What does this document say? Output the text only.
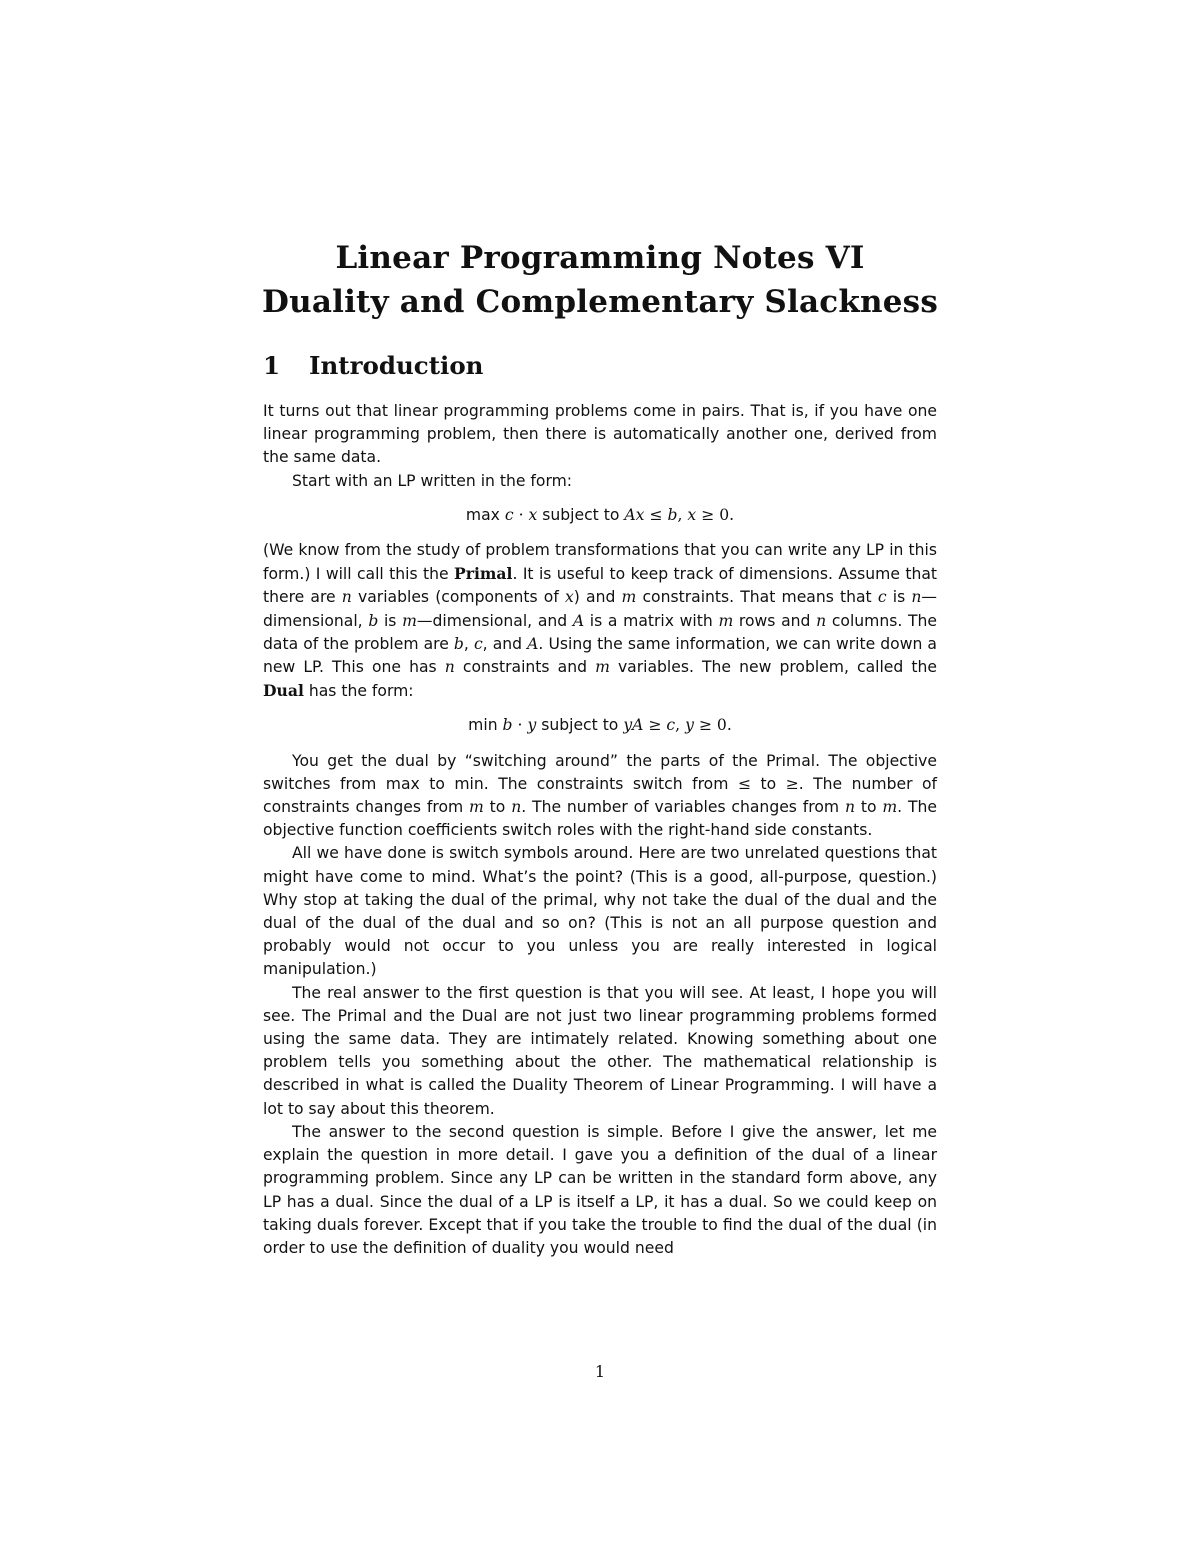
Linear Programming Notes VI
Duality and Complementary Slackness
1 Introduction

It turns out that linear programming problems come in pairs. That is, if you have one linear programming problem, then there is automatically another one, derived from the same data.

Start with an LP written in the form:

max c · x subject to Ax ≤ b, x ≥ 0.

(We know from the study of problem transformations that you can write any LP in this form.) I will call this the Primal. It is useful to keep track of dimensions. Assume that there are n variables (components of x) and m constraints. That means that c is n—dimensional, b is m—dimensional, and A is a matrix with m rows and n columns. The data of the problem are b, c, and A. Using the same information, we can write down a new LP. This one has n constraints and m variables. The new problem, called the Dual has the form:

min b · y subject to yA ≥ c, y ≥ 0.

You get the dual by “switching around” the parts of the Primal. The objective switches from max to min. The constraints switch from ≤ to ≥. The number of constraints changes from m to n. The number of variables changes from n to m. The objective function coefficients switch roles with the right-hand side constants.

All we have done is switch symbols around. Here are two unrelated questions that might have come to mind. What’s the point? (This is a good, all-purpose, question.) Why stop at taking the dual of the primal, why not take the dual of the dual and the dual of the dual of the dual and so on? (This is not an all purpose question and probably would not occur to you unless you are really interested in logical manipulation.)

The real answer to the first question is that you will see. At least, I hope you will see. The Primal and the Dual are not just two linear programming problems formed using the same data. They are intimately related. Knowing something about one problem tells you something about the other. The mathematical relationship is described in what is called the Duality Theorem of Linear Programming. I will have a lot to say about this theorem.

The answer to the second question is simple. Before I give the answer, let me explain the question in more detail. I gave you a definition of the dual of a linear programming problem. Since any LP can be written in the standard form above, any LP has a dual. Since the dual of a LP is itself a LP, it has a dual. So we could keep on taking duals forever. Except that if you take the trouble to find the dual of the dual (in order to use the definition of duality you would need

1
